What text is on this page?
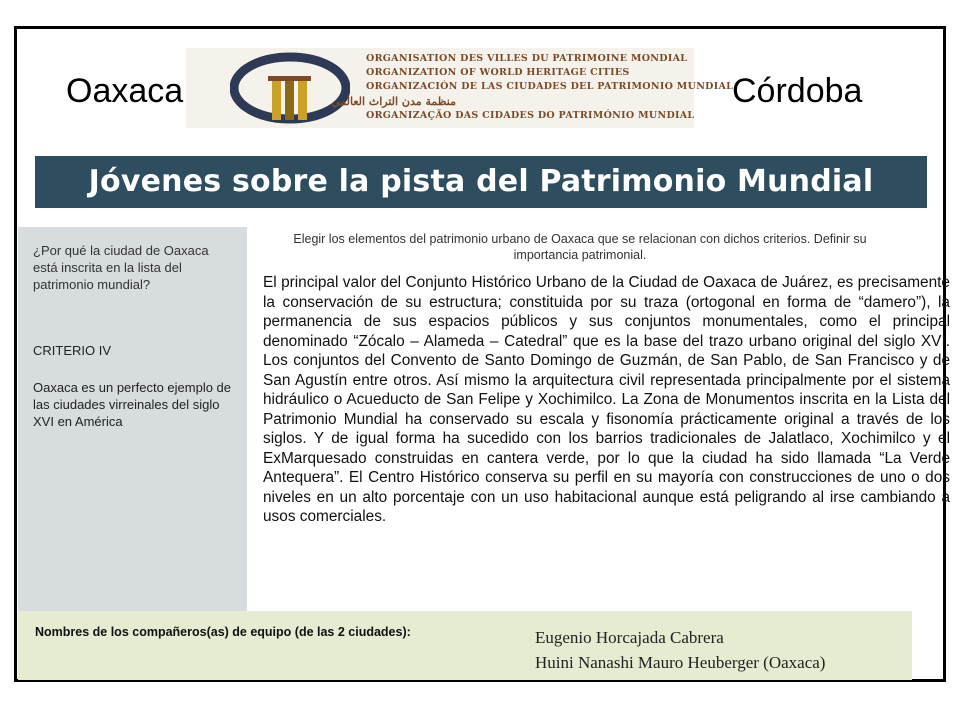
Oaxaca
ORGANISATION DES VILLES DU PATRIMOINE MONDIAL
ORGANIZATION OF WORLD HERITAGE CITIES
ORGANIZACIÓN DE LAS CIUDADES DEL PATRIMONIO MUNDIAL
منظمة مدن التراث العالمي
ORGANIZAÇÃO DAS CIDADES DO PATRIMÓNIO MUNDIAL
Córdoba
Jóvenes sobre la pista del Patrimonio Mundial
¿Por qué la ciudad de Oaxaca está inscrita en la lista del patrimonio mundial?
CRITERIO IV
Oaxaca es un perfecto ejemplo de las ciudades virreinales del siglo XVI en América
Elegir los elementos del patrimonio urbano de Oaxaca que se relacionan con dichos criterios. Definir su importancia patrimonial.
El principal valor del Conjunto Histórico Urbano de la Ciudad de Oaxaca de Juárez, es precisamente la conservación de su estructura; constituida por su traza (ortogonal en forma de “damero”), la permanencia de sus espacios públicos y sus conjuntos monumentales, como el principal denominado “Zócalo – Alameda – Catedral” que es la base del trazo urbano original del siglo XVI. Los conjuntos del Convento de Santo Domingo de Guzmán, de San Pablo, de San Francisco y de San Agustín entre otros. Así mismo la arquitectura civil representada principalmente por el sistema hidráulico o Acueducto de San Felipe y Xochimilco. La Zona de Monumentos inscrita en la Lista del Patrimonio Mundial ha conservado su escala y fisonomía prácticamente original a través de los siglos. Y de igual forma ha sucedido con los barrios tradicionales de Jalatlaco, Xochimilco y el ExMarquesado construidas en cantera verde, por lo que la ciudad ha sido llamada “La Verde Antequera”. El Centro Histórico conserva su perfil en su mayoría con construcciones de uno o dos niveles en un alto porcentaje con un uso habitacional aunque está peligrando al irse cambiando a usos comerciales.
Nombres de los compañeros(as) de equipo (de las 2 ciudades):	Eugenio Horcajada Cabrera
Huini Nanashi Mauro Heuberger (Oaxaca)
